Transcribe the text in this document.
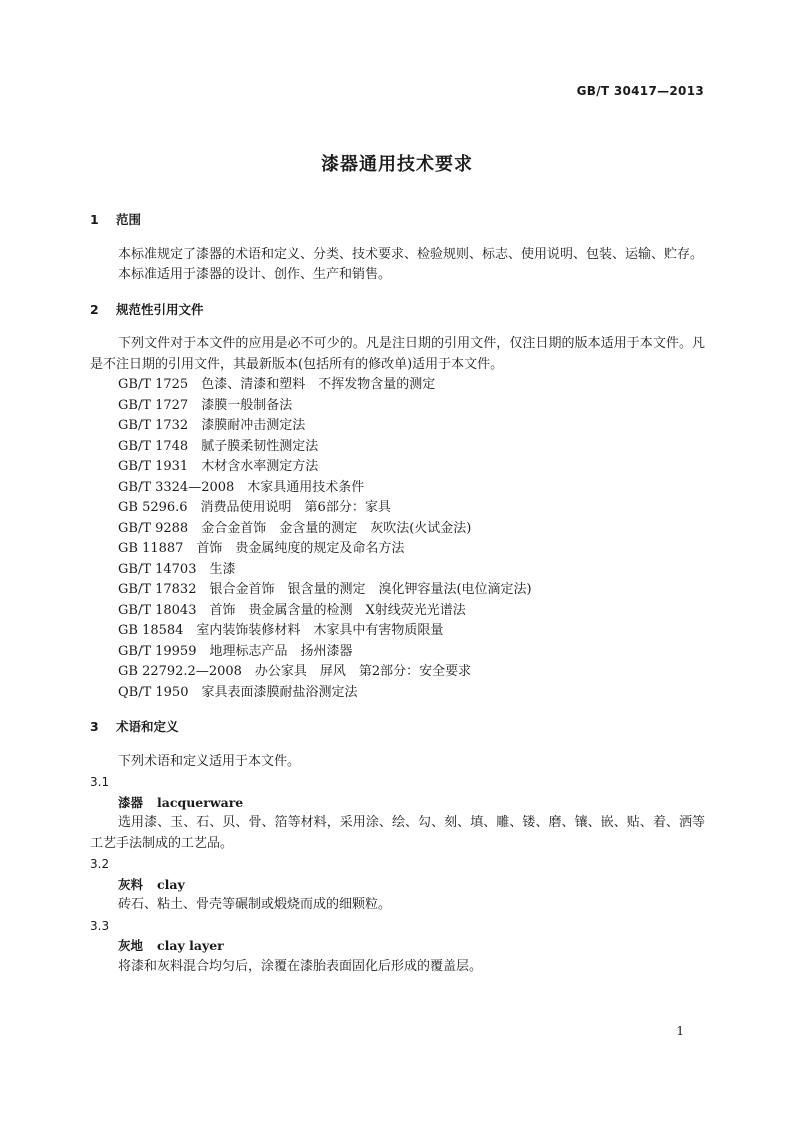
GB/T 30417—2013
漆器通用技术要求
1 范围
本标准规定了漆器的术语和定义、分类、技术要求、检验规则、标志、使用说明、包装、运输、贮存。
本标准适用于漆器的设计、创作、生产和销售。
2 规范性引用文件
下列文件对于本文件的应用是必不可少的。凡是注日期的引用文件，仅注日期的版本适用于本文件。凡是不注日期的引用文件，其最新版本(包括所有的修改单)适用于本文件。
GB/T 1725　色漆、清漆和塑料　不挥发物含量的测定
GB/T 1727　漆膜一般制备法
GB/T 1732　漆膜耐冲击测定法
GB/T 1748　腻子膜柔韧性测定法
GB/T 1931　木材含水率测定方法
GB/T 3324—2008　木家具通用技术条件
GB 5296.6　消费品使用说明　第6部分：家具
GB/T 9288　金合金首饰　金含量的测定　灰吹法(火试金法)
GB 11887　首饰　贵金属纯度的规定及命名方法
GB/T 14703　生漆
GB/T 17832　银合金首饰　银含量的测定　溴化钾容量法(电位滴定法)
GB/T 18043　首饰　贵金属含量的检测　X射线荧光光谱法
GB 18584　室内装饰装修材料　木家具中有害物质限量
GB/T 19959　地理标志产品　扬州漆器
GB 22792.2—2008　办公家具　屏风　第2部分：安全要求
QB/T 1950　家具表面漆膜耐盐浴测定法
3 术语和定义
下列术语和定义适用于本文件。
3.1
漆器 lacquerware
选用漆、玉、石、贝、骨、箔等材料，采用涂、绘、勾、刻、填、雕、镂、磨、镶、嵌、贴、着、洒等工艺手法制成的工艺品。
3.2
灰料 clay
砖石、粘土、骨壳等碾制或煅烧而成的细颗粒。
3.3
灰地 clay layer
将漆和灰料混合均匀后，涂覆在漆胎表面固化后形成的覆盖层。
1
